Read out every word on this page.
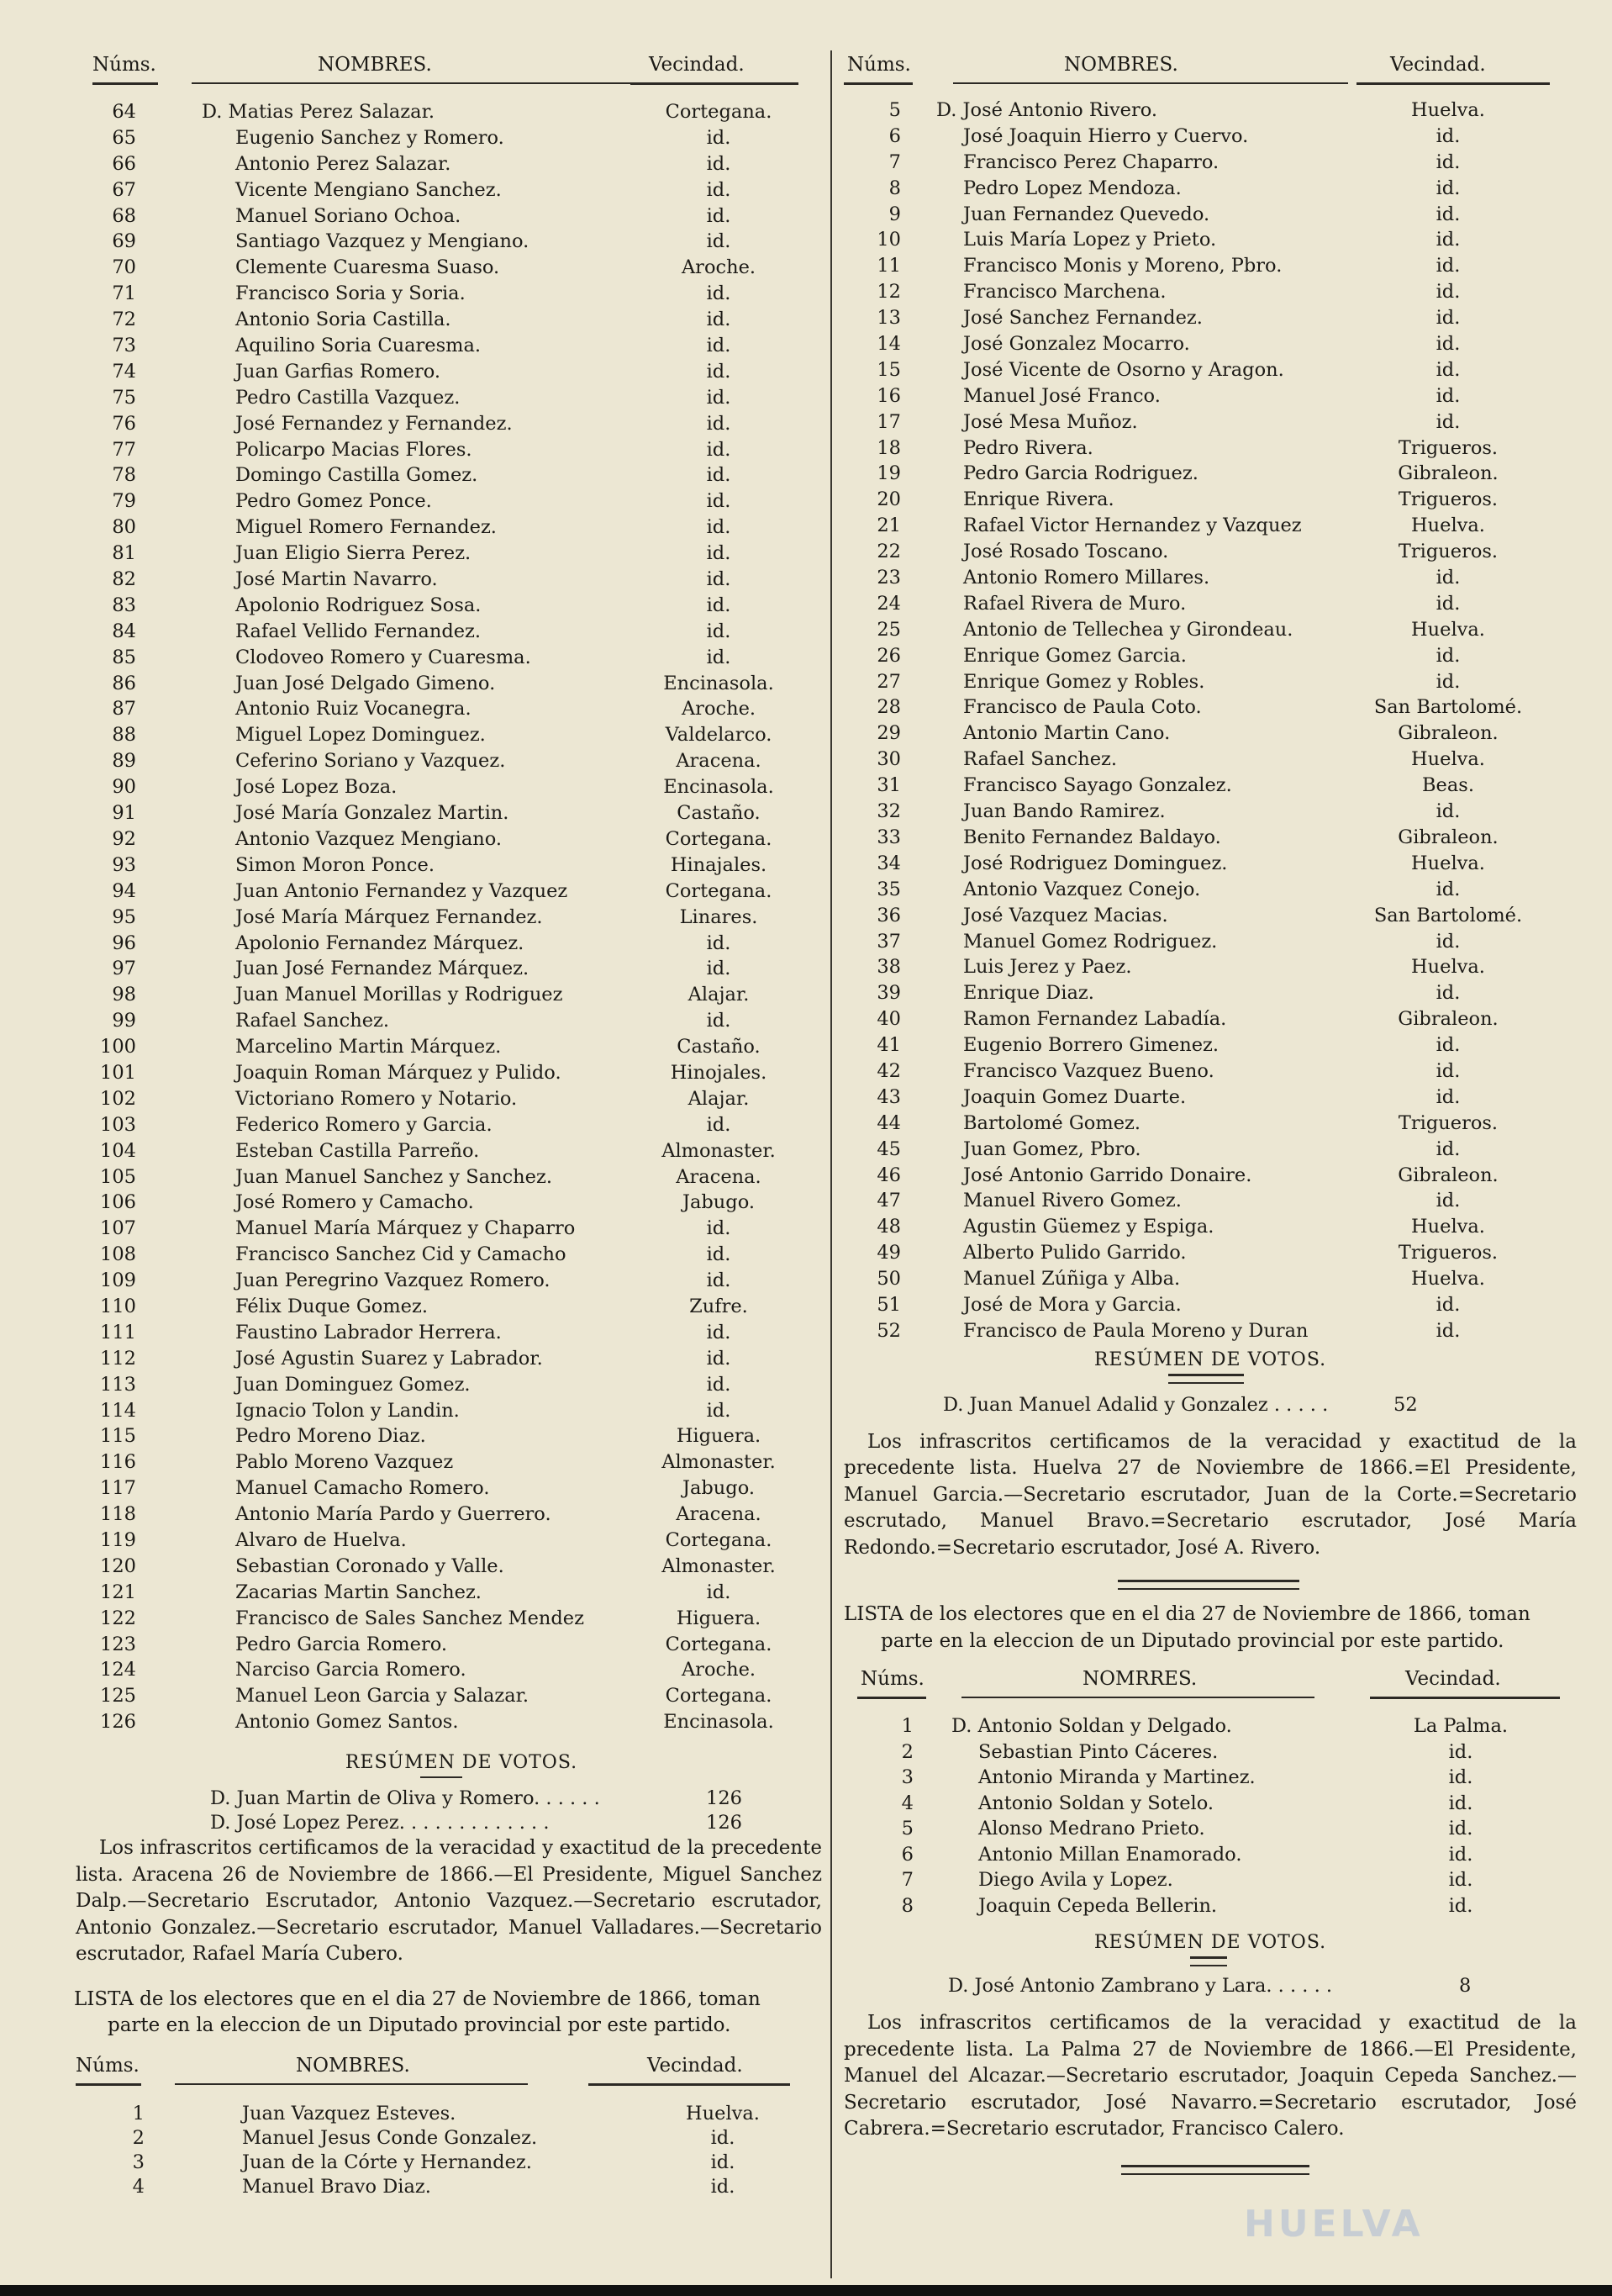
Núms.	NOMBRES.	Vecindad.
64	D. Matias Perez Salazar.	Cortegana.
65	Eugenio Sanchez y Romero.	id.
66	Antonio Perez Salazar.	id.
67	Vicente Mengiano Sanchez.	id.
68	Manuel Soriano Ochoa.	id.
69	Santiago Vazquez y Mengiano.	id.
70	Clemente Cuaresma Suaso.	Aroche.
71	Francisco Soria y Soria.	id.
72	Antonio Soria Castilla.	id.
73	Aquilino Soria Cuaresma.	id.
74	Juan Garfias Romero.	id.
75	Pedro Castilla Vazquez.	id.
76	José Fernandez y Fernandez.	id.
77	Policarpo Macias Flores.	id.
78	Domingo Castilla Gomez.	id.
79	Pedro Gomez Ponce.	id.
80	Miguel Romero Fernandez.	id.
81	Juan Eligio Sierra Perez.	id.
82	José Martin Navarro.	id.
83	Apolonio Rodriguez Sosa.	id.
84	Rafael Vellido Fernandez.	id.
85	Clodoveo Romero y Cuaresma.	id.
86	Juan José Delgado Gimeno.	Encinasola.
87	Antonio Ruiz Vocanegra.	Aroche.
88	Miguel Lopez Dominguez.	Valdelarco.
89	Ceferino Soriano y Vazquez.	Aracena.
90	José Lopez Boza.	Encinasola.
91	José María Gonzalez Martin.	Castaño.
92	Antonio Vazquez Mengiano.	Cortegana.
93	Simon Moron Ponce.	Hinajales.
94	Juan Antonio Fernandez y Vazquez	Cortegana.
95	José María Márquez Fernandez.	Linares.
96	Apolonio Fernandez Márquez.	id.
97	Juan José Fernandez Márquez.	id.
98	Juan Manuel Morillas y Rodriguez	Alajar.
99	Rafael Sanchez.	id.
100	Marcelino Martin Márquez.	Castaño.
101	Joaquin Roman Márquez y Pulido.	Hinojales.
102	Victoriano Romero y Notario.	Alajar.
103	Federico Romero y Garcia.	id.
104	Esteban Castilla Parreño.	Almonaster.
105	Juan Manuel Sanchez y Sanchez.	Aracena.
106	José Romero y Camacho.	Jabugo.
107	Manuel María Márquez y Chaparro	id.
108	Francisco Sanchez Cid y Camacho	id.
109	Juan Peregrino Vazquez Romero.	id.
110	Félix Duque Gomez.	Zufre.
111	Faustino Labrador Herrera.	id.
112	José Agustin Suarez y Labrador.	id.
113	Juan Dominguez Gomez.	id.
114	Ignacio Tolon y Landin.	id.
115	Pedro Moreno Diaz.	Higuera.
116	Pablo Moreno Vazquez	Almonaster.
117	Manuel Camacho Romero.	Jabugo.
118	Antonio María Pardo y Guerrero.	Aracena.
119	Alvaro de Huelva.	Cortegana.
120	Sebastian Coronado y Valle.	Almonaster.
121	Zacarias Martin Sanchez.	id.
122	Francisco de Sales Sanchez Mendez	Higuera.
123	Pedro Garcia Romero.	Cortegana.
124	Narciso Garcia Romero.	Aroche.
125	Manuel Leon Garcia y Salazar.	Cortegana.
126	Antonio Gomez Santos.	Encinasola.
RESÚMEN DE VOTOS.
D. Juan Martin de Oliva y Romero. . . . . .	126
D. José Lopez Perez. . . . . . . . . . . . .	126
Los infrascritos certificamos de la veracidad y exactitud de la precedente lista. Aracena 26 de Noviembre de 1866.—El Presidente, Miguel Sanchez Dalp.—Secretario Escrutador, Antonio Vazquez.—Secretario escrutador, Antonio Gonzalez.—Secretario escrutador, Manuel Valladares.—Secretario escrutador, Rafael María Cubero.
LISTA de los electores que en el dia 27 de Noviembre de 1866, toman
parte en la eleccion de un Diputado provincial por este partido.
Núms.	NOMBRES.	Vecindad.
1	Juan Vazquez Esteves.	Huelva.
2	Manuel Jesus Conde Gonzalez.	id.
3	Juan de la Córte y Hernandez.	id.
4	Manuel Bravo Diaz.	id.
Núms.	NOMBRES.	Vecindad.
5 D. José Antonio Rivero.	Huelva.
6	José Joaquin Hierro y Cuervo.	id.
7	Francisco Perez Chaparro.	id.
8	Pedro Lopez Mendoza.	id.
9	Juan Fernandez Quevedo.	id.
10	Luis María Lopez y Prieto.	id.
11	Francisco Monis y Moreno, Pbro.	id.
12	Francisco Marchena.	id.
13	José Sanchez Fernandez.	id.
14	José Gonzalez Mocarro.	id.
15	José Vicente de Osorno y Aragon.	id.
16	Manuel José Franco.	id.
17	José Mesa Muñoz.	id.
18	Pedro Rivera.	Trigueros.
19	Pedro Garcia Rodriguez.	Gibraleon.
20	Enrique Rivera.	Trigueros.
21	Rafael Victor Hernandez y Vazquez	Huelva.
22	José Rosado Toscano.	Trigueros.
23	Antonio Romero Millares.	id.
24	Rafael Rivera de Muro.	id.
25	Antonio de Tellechea y Girondeau.	Huelva.
26	Enrique Gomez Garcia.	id.
27	Enrique Gomez y Robles.	id.
28	Francisco de Paula Coto.	San Bartolomé.
29	Antonio Martin Cano.	Gibraleon.
30	Rafael Sanchez.	Huelva.
31	Francisco Sayago Gonzalez.	Beas.
32	Juan Bando Ramirez.	id.
33	Benito Fernandez Baldayo.	Gibraleon.
34	José Rodriguez Dominguez.	Huelva.
35	Antonio Vazquez Conejo.	id.
36	José Vazquez Macias.	San Bartolomé.
37	Manuel Gomez Rodriguez.	id.
38	Luis Jerez y Paez.	Huelva.
39	Enrique Diaz.	id.
40	Ramon Fernandez Labadía.	Gibraleon.
41	Eugenio Borrero Gimenez.	id.
42	Francisco Vazquez Bueno.	id.
43	Joaquin Gomez Duarte.	id.
44	Bartolomé Gomez.	Trigueros.
45	Juan Gomez, Pbro.	id.
46	José Antonio Garrido Donaire.	Gibraleon.
47	Manuel Rivero Gomez.	id.
48	Agustin Güemez y Espiga.	Huelva.
49	Alberto Pulido Garrido.	Trigueros.
50	Manuel Zúñiga y Alba.	Huelva.
51	José de Mora y Garcia.	id.
52	Francisco de Paula Moreno y Duran	id.
RESÚMEN DE VOTOS.
D. Juan Manuel Adalid y Gonzalez . . . . .	52
Los infrascritos certificamos de la veracidad y exactitud de la precedente lista. Huelva 27 de Noviembre de 1866.=El Presidente, Manuel Garcia.—Secretario escrutador, Juan de la Corte.=Secretario escrutado, Manuel Bravo.=Secretario escrutador, José María Redondo.=Secretario escrutador, José A. Rivero.
LISTA de los electores que en el dia 27 de Noviembre de 1866, toman
parte en la eleccion de un Diputado provincial por este partido.
Núms.	NOMRRES.	Vecindad.
1 D. Antonio Soldan y Delgado.	La Palma.
2	Sebastian Pinto Cáceres.	id.
3	Antonio Miranda y Martinez.	id.
4	Antonio Soldan y Sotelo.	id.
5	Alonso Medrano Prieto.	id.
6	Antonio Millan Enamorado.	id.
7	Diego Avila y Lopez.	id.
8	Joaquin Cepeda Bellerin.	id.
RESÚMEN DE VOTOS.
D. José Antonio Zambrano y Lara. . . . . .	8
Los infrascritos certificamos de la veracidad y exactitud de la precedente lista. La Palma 27 de Noviembre de 1866.—El Presidente, Manuel del Alcazar.—Secretario escrutador, Joaquin Cepeda Sanchez.—Secretario escrutador, José Navarro.=Secretario escrutador, José Cabrera.=Secretario escrutador, Francisco Calero.
HUELVA
